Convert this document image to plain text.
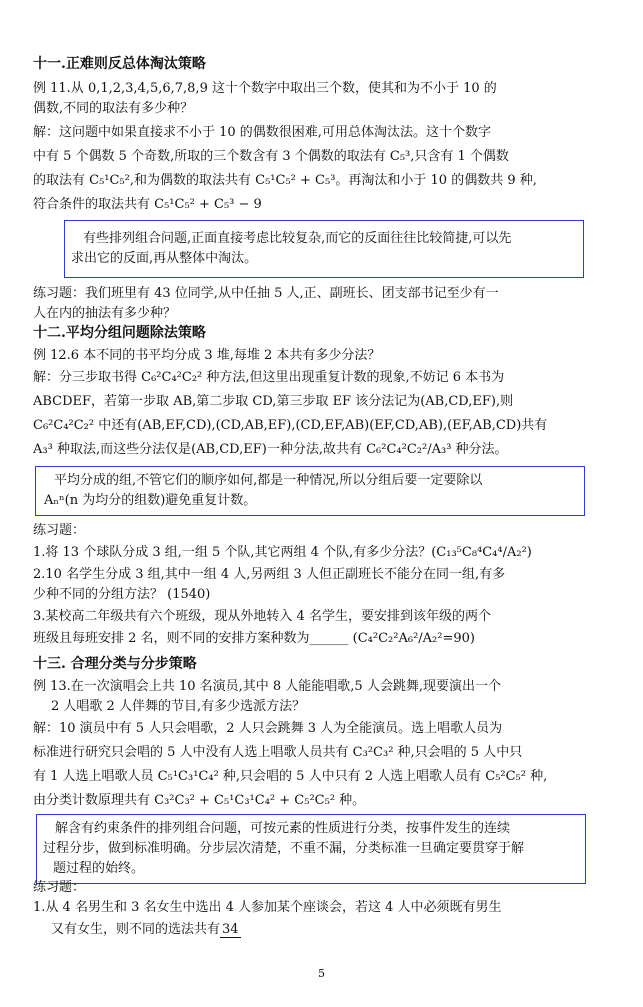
十一.正难则反总体淘汰策略

例 11.从 0,1,2,3,4,5,6,7,8,9 这十个数字中取出三个数，使其和为不小于 10 的

偶数,不同的取法有多少种？

解：这问题中如果直接求不小于 10 的偶数很困难,可用总体淘汰法。这十个数字

中有 5 个偶数 5 个奇数,所取的三个数含有 3 个偶数的取法有 C₅³,只含有 1 个偶数

的取法有 C₅¹C₅²,和为偶数的取法共有 C₅¹C₅² + C₅³。再淘汰和小于 10 的偶数共 9 种,

符合条件的取法共有 C₅¹C₅² + C₅³ − 9

有些排列组合问题,正面直接考虑比较复杂,而它的反面往往比较简捷,可以先

求出它的反面,再从整体中淘汰。

练习题：我们班里有 43 位同学,从中任抽 5 人,正、副班长、团支部书记至少有一

人在内的抽法有多少种？

十二.平均分组问题除法策略

例 12.6 本不同的书平均分成 3 堆,每堆 2 本共有多少分法？

解：分三步取书得 C₆²C₄²C₂² 种方法,但这里出现重复计数的现象,不妨记 6 本书为

ABCDEF，若第一步取 AB,第二步取 CD,第三步取 EF 该分法记为(AB,CD,EF),则

C₆²C₄²C₂² 中还有(AB,EF,CD),(CD,AB,EF),(CD,EF,AB)(EF,CD,AB),(EF,AB,CD)共有

A₃³ 种取法,而这些分法仅是(AB,CD,EF)一种分法,故共有 C₆²C₄²C₂²/A₃³ 种分法。

平均分成的组,不管它们的顺序如何,都是一种情况,所以分组后要一定要除以

Aₙⁿ(n 为均分的组数)避免重复计数。

练习题：

1.将 13 个球队分成 3 组,一组 5 个队,其它两组 4 个队,有多少分法？(C₁₃⁵C₈⁴C₄⁴/A₂²)

2.10 名学生分成 3 组,其中一组 4 人,另两组 3 人但正副班长不能分在同一组,有多

少种不同的分组方法？ (1540)

3.某校高二年级共有六个班级，现从外地转入 4 名学生，要安排到该年级的两个

班级且每班安排 2 名，则不同的安排方案种数为______ (C₄²C₂²A₆²/A₂²=90)

十三. 合理分类与分步策略

例 13.在一次演唱会上共 10 名演员,其中 8 人能能唱歌,5 人会跳舞,现要演出一个

2 人唱歌 2 人伴舞的节目,有多少选派方法？

解：10 演员中有 5 人只会唱歌，2 人只会跳舞 3 人为全能演员。选上唱歌人员为

标准进行研究只会唱的 5 人中没有人选上唱歌人员共有 C₃²C₃² 种,只会唱的 5 人中只

有 1 人选上唱歌人员 C₅¹C₃¹C₄² 种,只会唱的 5 人中只有 2 人选上唱歌人员有 C₅²C₅² 种,

由分类计数原理共有 C₃²C₃² + C₅¹C₃¹C₄² + C₅²C₅² 种。

解含有约束条件的排列组合问题，可按元素的性质进行分类，按事件发生的连续

过程分步，做到标准明确。分步层次清楚，不重不漏，分类标准一旦确定要贯穿于解

题过程的始终。

练习题：

1.从 4 名男生和 3 名女生中选出 4 人参加某个座谈会，若这 4 人中必须既有男生

又有女生，则不同的选法共有 34

5
